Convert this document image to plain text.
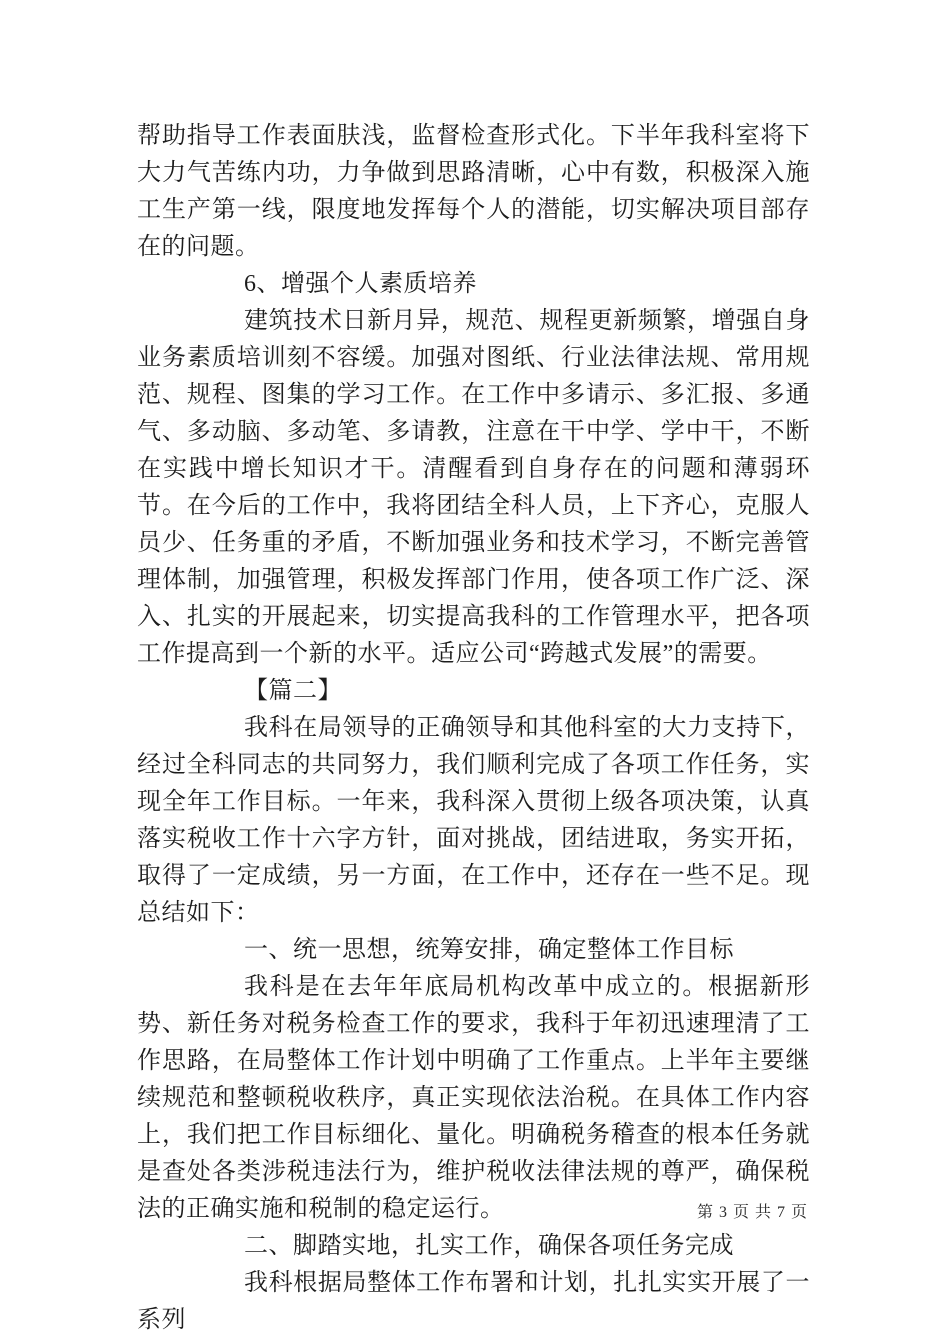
帮助指导工作表面肤浅，监督检查形式化。下半年我科室将下大力气苦练内功，力争做到思路清晰，心中有数，积极深入施工生产第一线，限度地发挥每个人的潜能，切实解决项目部存在的问题。

6、增强个人素质培养

建筑技术日新月异，规范、规程更新频繁，增强自身业务素质培训刻不容缓。加强对图纸、行业法律法规、常用规范、规程、图集的学习工作。在工作中多请示、多汇报、多通气、多动脑、多动笔、多请教，注意在干中学、学中干，不断在实践中增长知识才干。清醒看到自身存在的问题和薄弱环节。在今后的工作中，我将团结全科人员，上下齐心，克服人员少、任务重的矛盾，不断加强业务和技术学习，不断完善管理体制，加强管理，积极发挥部门作用，使各项工作广泛、深入、扎实的开展起来，切实提高我科的工作管理水平，把各项工作提高到一个新的水平。适应公司“跨越式发展”的需要。

【篇二】

我科在局领导的正确领导和其他科室的大力支持下，经过全科同志的共同努力，我们顺利完成了各项工作任务，实现全年工作目标。一年来，我科深入贯彻上级各项决策，认真落实税收工作十六字方针，面对挑战，团结进取，务实开拓，取得了一定成绩，另一方面，在工作中，还存在一些不足。现总结如下：

一、统一思想，统筹安排，确定整体工作目标

我科是在去年年底局机构改革中成立的。根据新形势、新任务对税务检查工作的要求，我科于年初迅速理清了工作思路，在局整体工作计划中明确了工作重点。上半年主要继续规范和整顿税收秩序，真正实现依法治税。在具体工作内容上，我们把工作目标细化、量化。明确税务稽查的根本任务就是查处各类涉税违法行为，维护税收法律法规的尊严，确保税法的正确实施和税制的稳定运行。

二、脚踏实地，扎实工作，确保各项任务完成

我科根据局整体工作布署和计划，扎扎实实开展了一系列

第 3 页 共 7 页
